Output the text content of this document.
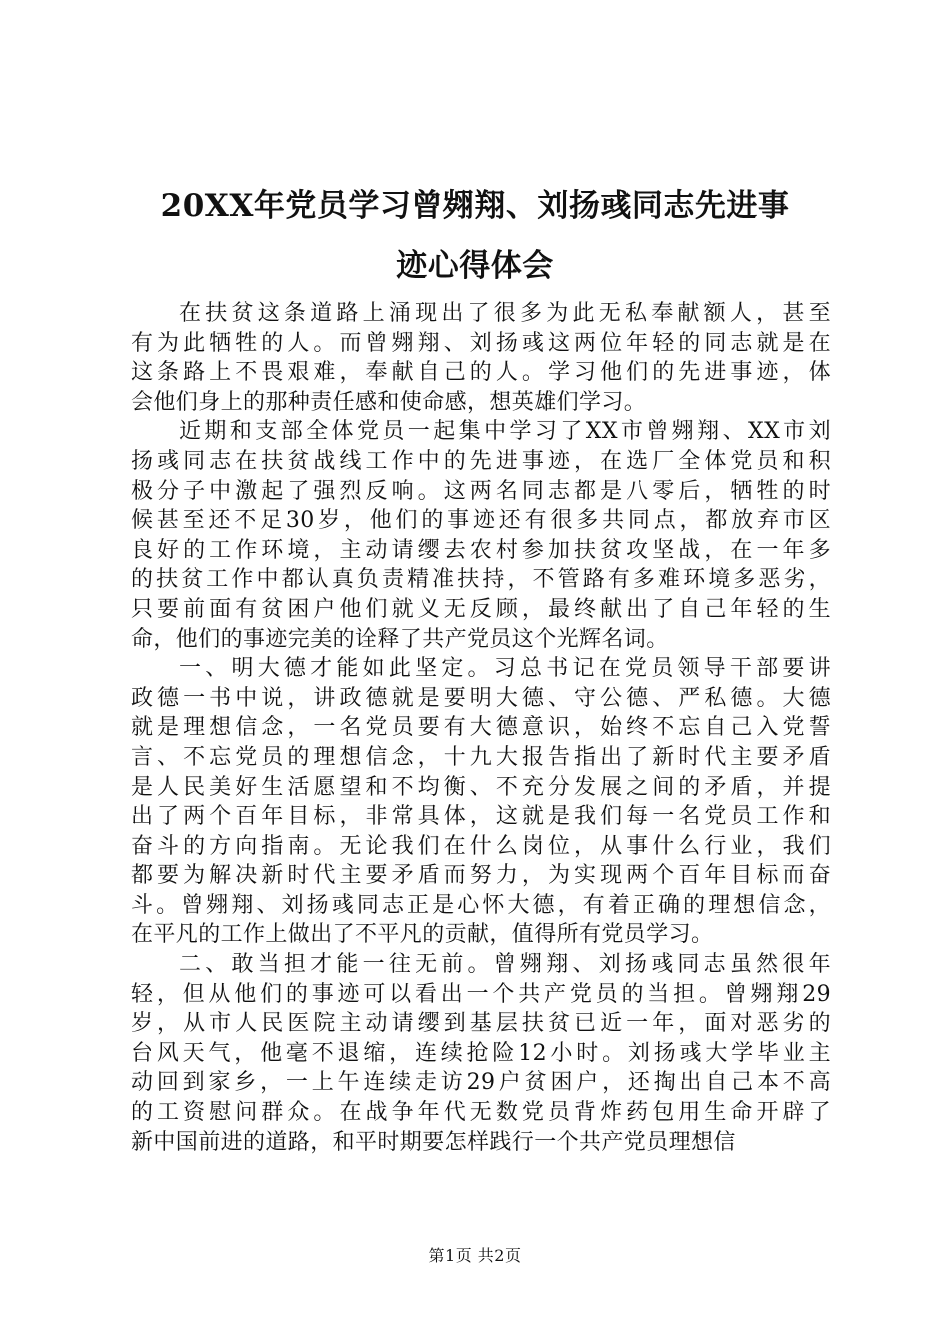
20XX年党员学习曾翙翔、刘扬彧同志先进事
迹心得体会
在扶贫这条道路上涌现出了很多为此无私奉献额人，甚至
有为此牺牲的人。而曾翙翔、刘扬彧这两位年轻的同志就是在
这条路上不畏艰难，奉献自己的人。学习他们的先进事迹，体
会他们身上的那种责任感和使命感，想英雄们学习。
近期和支部全体党员一起集中学习了XX市曾翙翔、XX市刘
扬彧同志在扶贫战线工作中的先进事迹，在选厂全体党员和积
极分子中激起了强烈反响。这两名同志都是八零后，牺牲的时
候甚至还不足30岁，他们的事迹还有很多共同点，都放弃市区
良好的工作环境，主动请缨去农村参加扶贫攻坚战，在一年多
的扶贫工作中都认真负责精准扶持，不管路有多难环境多恶劣，
只要前面有贫困户他们就义无反顾，最终献出了自己年轻的生
命，他们的事迹完美的诠释了共产党员这个光辉名词。
一、明大德才能如此坚定。习总书记在党员领导干部要讲
政德一书中说，讲政德就是要明大德、守公德、严私德。大德
就是理想信念，一名党员要有大德意识，始终不忘自己入党誓
言、不忘党员的理想信念，十九大报告指出了新时代主要矛盾
是人民美好生活愿望和不均衡、不充分发展之间的矛盾，并提
出了两个百年目标，非常具体，这就是我们每一名党员工作和
奋斗的方向指南。无论我们在什么岗位，从事什么行业，我们
都要为解决新时代主要矛盾而努力，为实现两个百年目标而奋
斗。曾翙翔、刘扬彧同志正是心怀大德，有着正确的理想信念，
在平凡的工作上做出了不平凡的贡献，值得所有党员学习。
二、敢当担才能一往无前。曾翙翔、刘扬彧同志虽然很年
轻，但从他们的事迹可以看出一个共产党员的当担。曾翙翔29
岁，从市人民医院主动请缨到基层扶贫已近一年，面对恶劣的
台风天气，他毫不退缩，连续抢险12小时。刘扬彧大学毕业主
动回到家乡，一上午连续走访29户贫困户，还掏出自己本不高
的工资慰问群众。在战争年代无数党员背炸药包用生命开辟了
新中国前进的道路，和平时期要怎样践行一个共产党员理想信
第1页 共2页
